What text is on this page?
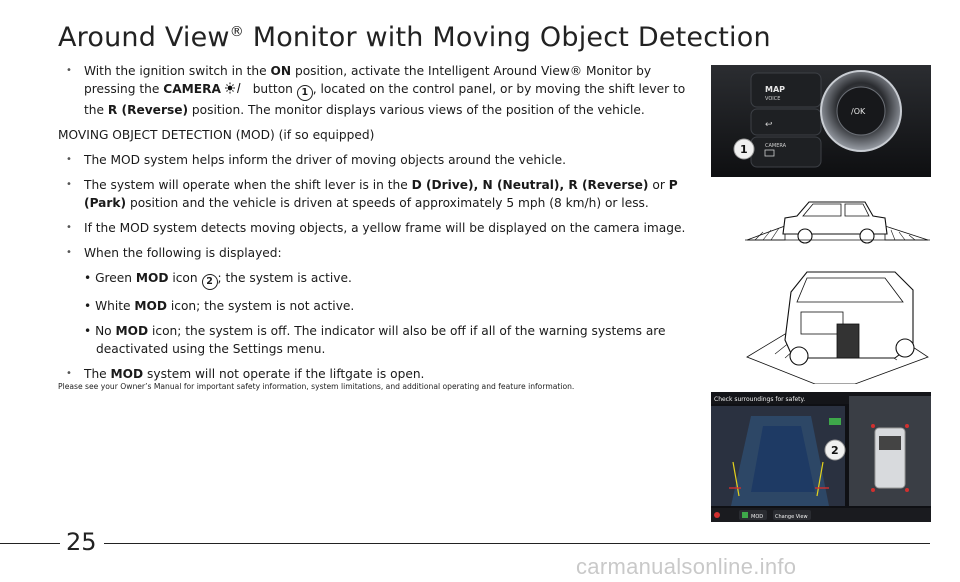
Around View® Monitor with Moving Object Detection
• With the ignition switch in the ON position, activate the Intelligent Around View® Monitor by pressing the CAMERA	button 1 , located on the control panel, or by moving the shift lever to the R (Reverse) position. The monitor displays various views of the position of the vehicle.
MOVING OBJECT DETECTION (MOD) (if so equipped)
• The MOD system helps inform the driver of moving objects around the vehicle.
• The system will operate when the shift lever is in the D (Drive), N (Neutral), R (Reverse) or P (Park) position and the vehicle is driven at speeds of approximately 5 mph (8 km/h) or less.
• If the MOD system detects moving objects, a yellow frame will be displayed on the camera image.
• When the following is displayed:
• Green MOD icon 2 ; the system is active.
• White MOD icon; the system is not active.
• No MOD icon; the system is off. The indicator will also be off if all of the warning systems are
deactivated using the Settings menu.
• The MOD system will not operate if the liftgate is open.
Please see your Owner’s Manual for important safety information, system limitations, and additional operating and feature information.
MAP
VOICE
↩
CAMERA
/OK
1
Check surroundings for safety.
2
MOD Change View
25
carmanualsonline.info
